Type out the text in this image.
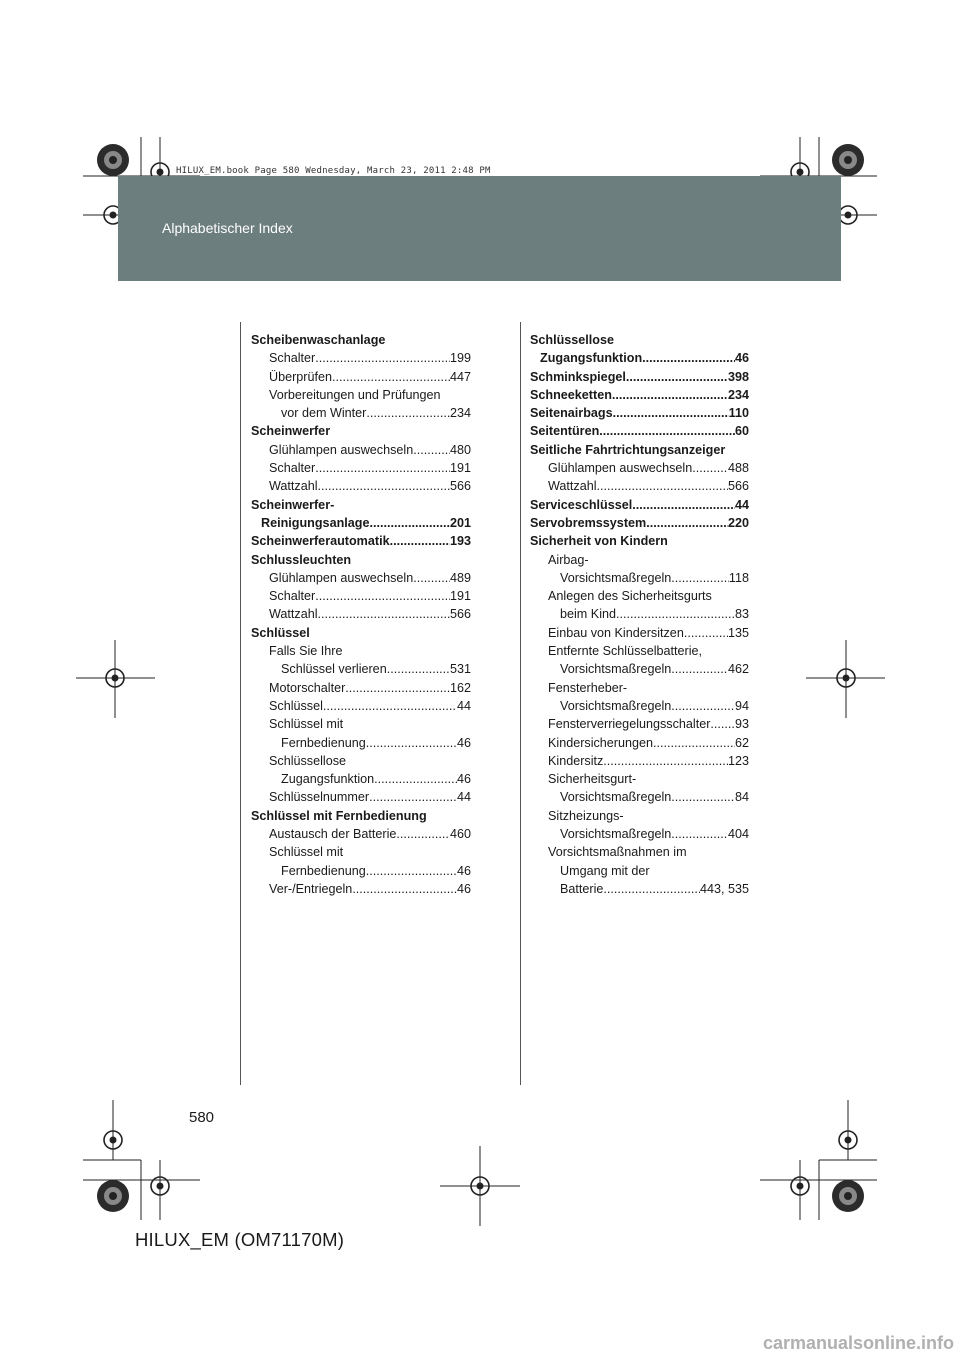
Alphabetischer Index
HILUX_EM.book Page 580 Wednesday, March 23, 2011 2:48 PM
Scheibenwaschanlage
Schalter .....	199
Überprüfen .....	447
Vorbereitungen und Prüfungen
vor dem Winter .....	234
Scheinwerfer
Glühlampen auswechseln .....	480
Schalter .....	191
Wattzahl .....	566
Scheinwerfer-
Reinigungsanlage .....	201
Scheinwerferautomatik .....	193
Schlussleuchten
Glühlampen auswechseln .....	489
Schalter .....	191
Wattzahl .....	566
Schlüssel
Falls Sie Ihre
Schlüssel verlieren .....	531
Motorschalter .....	162
Schlüssel .....	44
Schlüssel mit
Fernbedienung .....	46
Schlüssellose
Zugangsfunktion .....	46
Schlüsselnummer .....	44
Schlüssel mit Fernbedienung
Austausch der Batterie .....	460
Schlüssel mit
Fernbedienung .....	46
Ver-/Entriegeln .....	46
Schlüssellose
Zugangsfunktion .....	46
Schminkspiegel .....	398
Schneeketten .....	234
Seitenairbags .....	110
Seitentüren .....	60
Seitliche Fahrtrichtungsanzeiger
Glühlampen auswechseln .....	488
Wattzahl .....	566
Serviceschlüssel .....	44
Servobremssystem .....	220
Sicherheit von Kindern
Airbag-
Vorsichtsmaßregeln .....	118
Anlegen des Sicherheitsgurts
beim Kind .....	83
Einbau von Kindersitzen .....	135
Entfernte Schlüsselbatterie,
Vorsichtsmaßregeln .....	462
Fensterheber-
Vorsichtsmaßregeln .....	94
Fensterverriegelungsschalter ..... 93
Kindersicherungen .....	62
Kindersitz .....	123
Sicherheitsgurt-
Vorsichtsmaßregeln .....	84
Sitzheizungs-
Vorsichtsmaßregeln .....	404
Vorsichtsmaßnahmen im
Umgang mit der
Batterie .....	443, 535
580
HILUX_EM (OM71170M)
carmanualsonline.info
